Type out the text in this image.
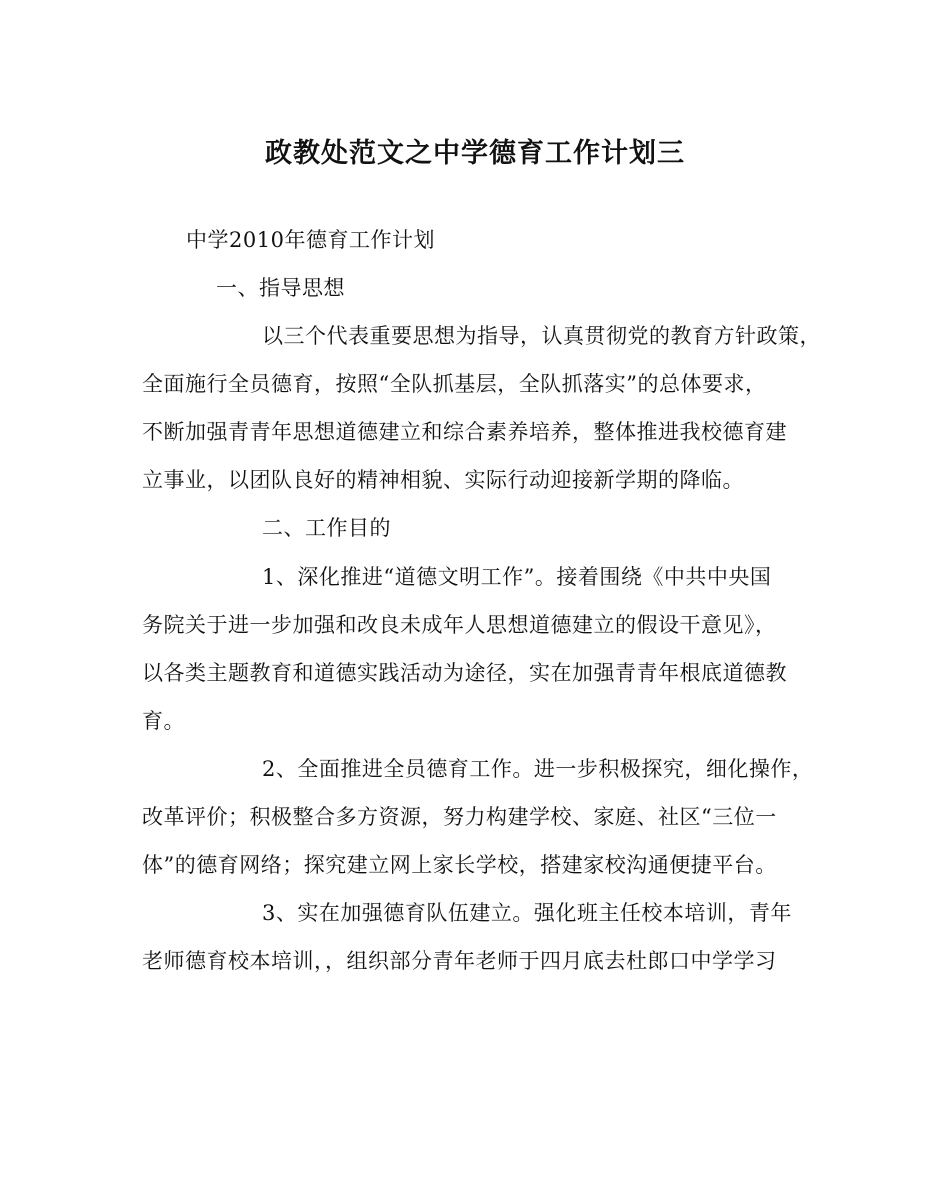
政教处范文之中学德育工作计划三
中学2010年德育工作计划
一、指导思想
以三个代表重要思想为指导，认真贯彻党的教育方针政策，
全面施行全员德育，按照“全队抓基层，全队抓落实”的总体要求，
不断加强青青年思想道德建立和综合素养培养，整体推进我校德育建
立事业，以团队良好的精神相貌、实际行动迎接新学期的降临。
二、工作目的
1、深化推进“道德文明工作”。接着围绕《中共中央国
务院关于进一步加强和改良未成年人思想道德建立的假设干意见》，
以各类主题教育和道德实践活动为途径，实在加强青青年根底道德教
育。
2、全面推进全员德育工作。进一步积极探究，细化操作，
改革评价；积极整合多方资源，努力构建学校、家庭、社区“三位一
体”的德育网络；探究建立网上家长学校，搭建家校沟通便捷平台。
3、实在加强德育队伍建立。强化班主任校本培训，青年
老师德育校本培训，，组织部分青年老师于四月底去杜郎口中学学习
